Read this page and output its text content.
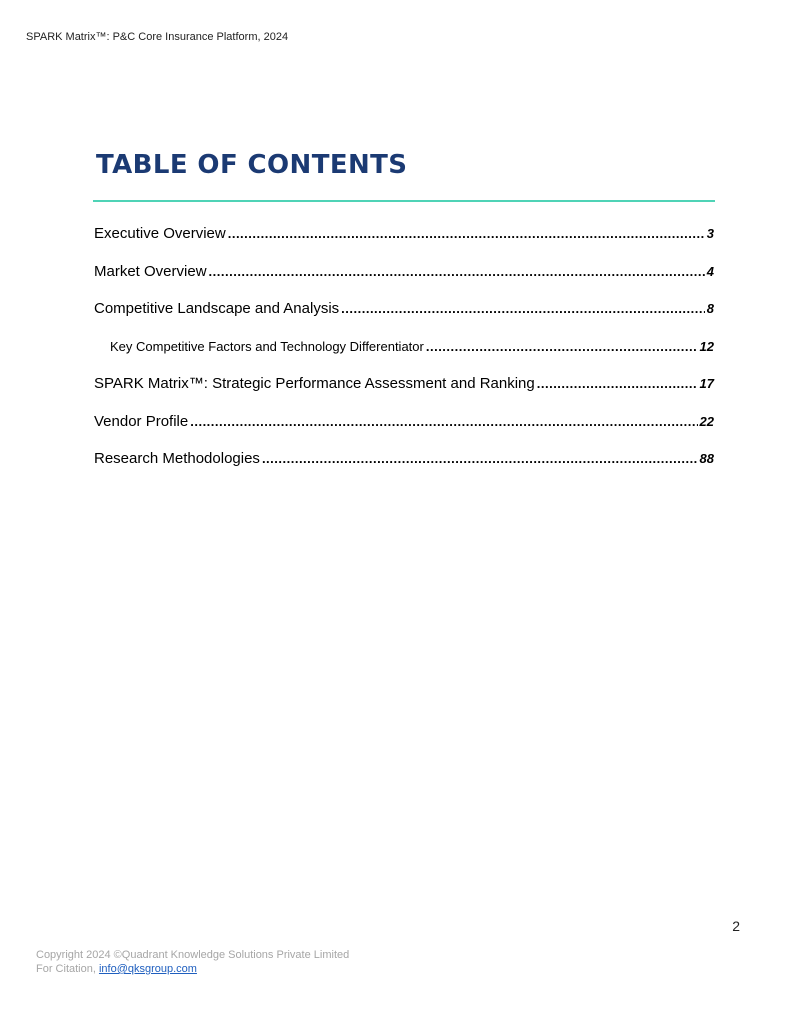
SPARK Matrix™: P&C Core Insurance Platform, 2024
TABLE OF CONTENTS
Executive Overview .....	3
Market Overview .....	4
Competitive Landscape and Analysis .....	8
Key Competitive Factors and Technology Differentiator .....	12
SPARK Matrix™: Strategic Performance Assessment and Ranking .....	17
Vendor Profile .....	22
Research Methodologies .....	88
2
Copyright 2024 ©Quadrant Knowledge Solutions Private Limited
For Citation, info@qksgroup.com
